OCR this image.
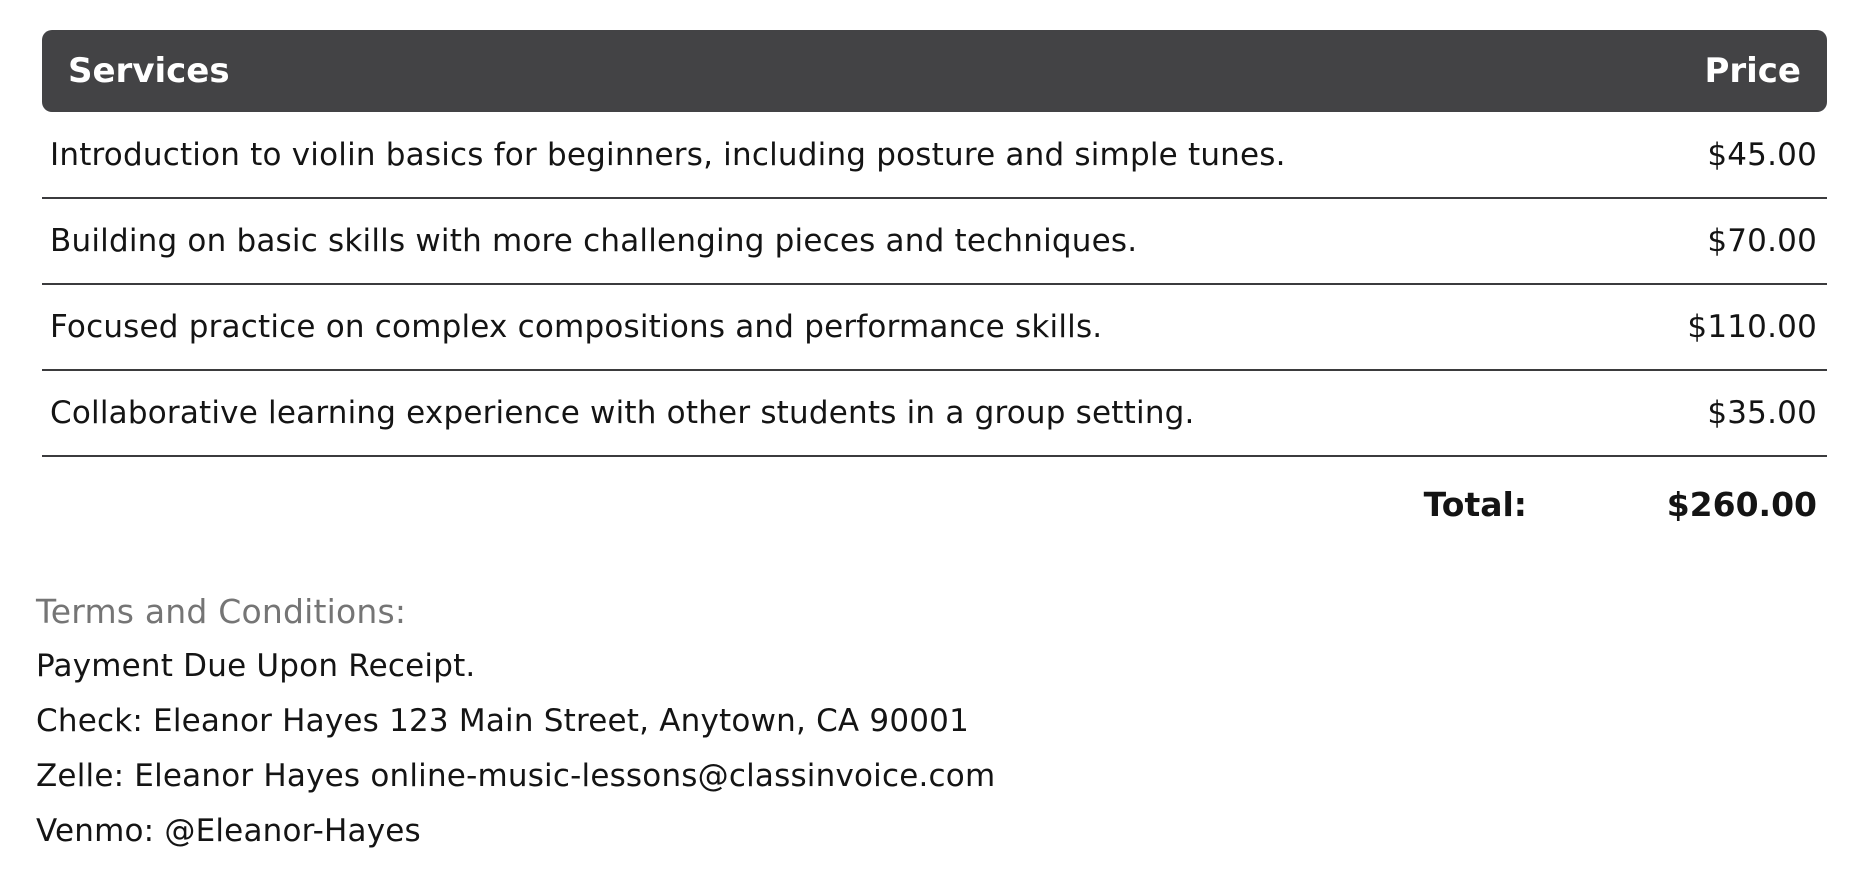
Services	Price
Introduction to violin basics for beginners, including posture and simple tunes.	$45.00
Building on basic skills with more challenging pieces and techniques.	$70.00
Focused practice on complex compositions and performance skills.	$110.00
Collaborative learning experience with other students in a group setting.	$35.00
Total:	$260.00
Terms and Conditions:
Payment Due Upon Receipt.
Check: Eleanor Hayes 123 Main Street, Anytown, CA 90001
Zelle: Eleanor Hayes online-music-lessons@classinvoice.com
Venmo: @Eleanor-Hayes
